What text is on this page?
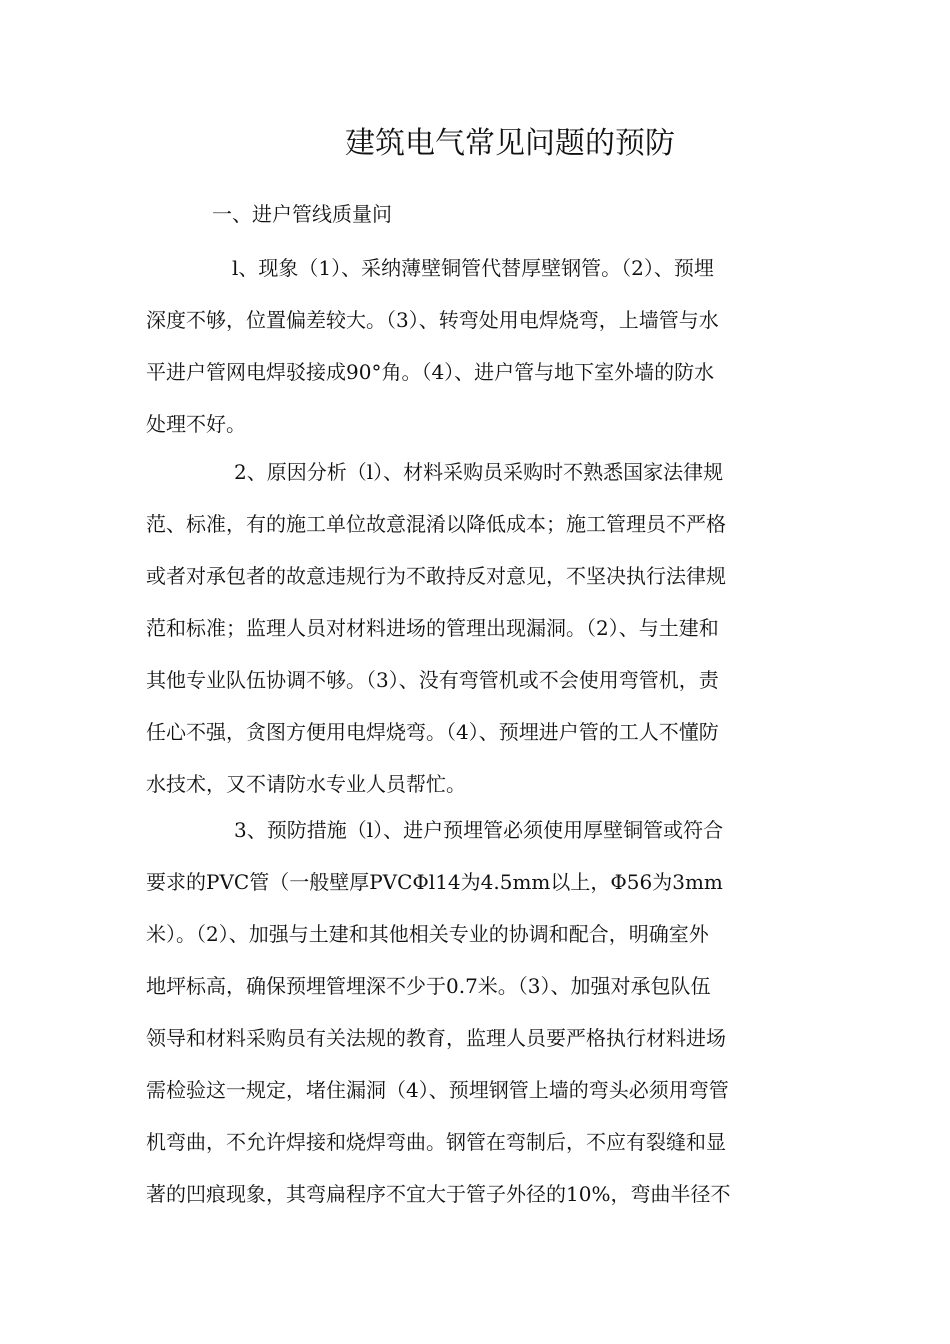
建筑电气常见问题的预防
一、进户管线质量问
l、现象（1）、采纳薄壁铜管代替厚壁钢管。（2）、预埋
深度不够，位置偏差较大。（3）、转弯处用电焊烧弯，上墙管与水
平进户管网电焊驳接成90°角。（4）、进户管与地下室外墙的防水
处理不好。
2、原因分析（l）、材料采购员采购时不熟悉国家法律规
范、标准，有的施工单位故意混淆以降低成本；施工管理员不严格
或者对承包者的故意违规行为不敢持反对意见，不坚决执行法律规
范和标准；监理人员对材料进场的管理出现漏洞。（2）、与土建和
其他专业队伍协调不够。（3）、没有弯管机或不会使用弯管机，责
任心不强，贪图方便用电焊烧弯。（4）、预埋进户管的工人不懂防
水技术，又不请防水专业人员帮忙。
3、预防措施（l）、进户预埋管必须使用厚壁铜管或符合
要求的PVC管（一般壁厚PVCΦl14为4.5mm以上，Φ56为3mm
米）。（2）、加强与土建和其他相关专业的协调和配合，明确室外
地坪标高，确保预埋管埋深不少于0.7米。（3）、加强对承包队伍
领导和材料采购员有关法规的教育，监理人员要严格执行材料进场
需检验这一规定，堵住漏洞（4）、预埋钢管上墙的弯头必须用弯管
机弯曲，不允许焊接和烧焊弯曲。钢管在弯制后，不应有裂缝和显
著的凹痕现象，其弯扁程序不宜大于管子外径的10%，弯曲半径不
